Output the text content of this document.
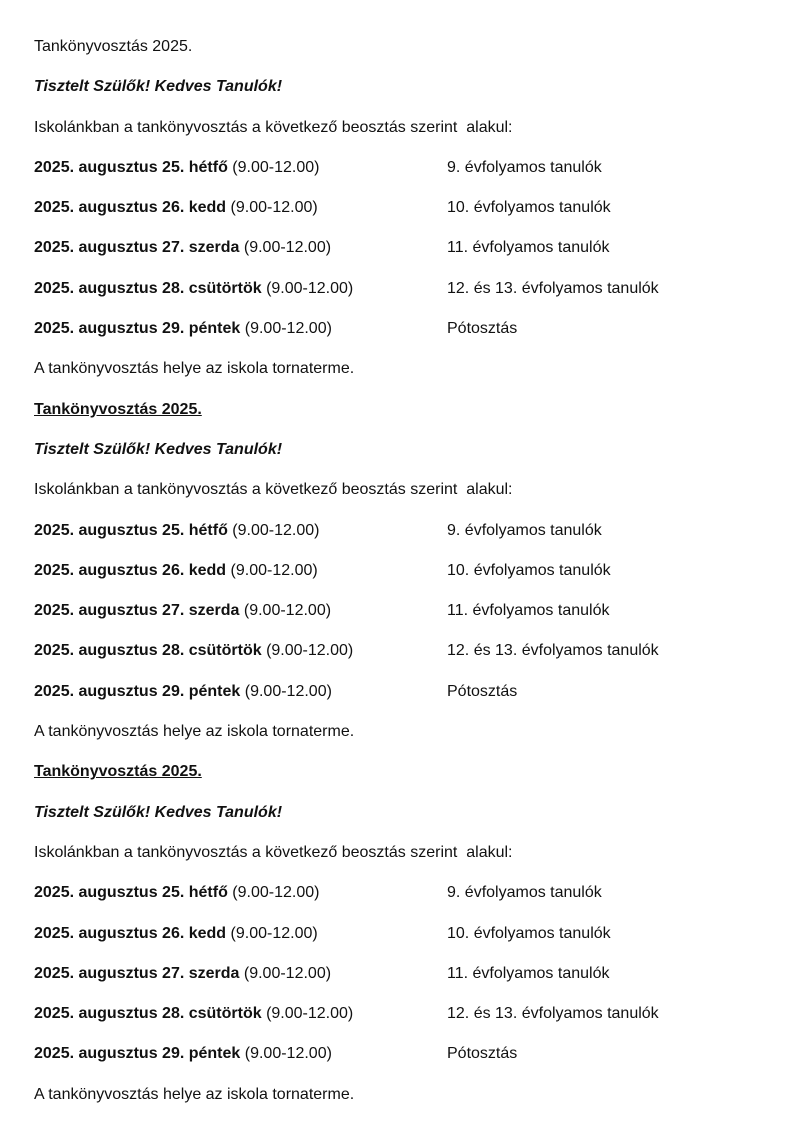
Tankönyvosztás 2025.
Tisztelt Szülők! Kedves Tanulók!
Iskolánkban a tankönyvosztás a következő beosztás szerint  alakul:
2025. augusztus 25. hétfő (9.00-12.00)	9. évfolyamos tanulók
2025. augusztus 26. kedd (9.00-12.00)	10. évfolyamos tanulók
2025. augusztus 27. szerda (9.00-12.00)	11. évfolyamos tanulók
2025. augusztus 28. csütörtök (9.00-12.00)	12. és 13. évfolyamos tanulók
2025. augusztus 29. péntek (9.00-12.00)	Pótosztás
A tankönyvosztás helye az iskola tornaterme.
Tankönyvosztás 2025.
Tisztelt Szülők! Kedves Tanulók!
Iskolánkban a tankönyvosztás a következő beosztás szerint  alakul:
2025. augusztus 25. hétfő (9.00-12.00)	9. évfolyamos tanulók
2025. augusztus 26. kedd (9.00-12.00)	10. évfolyamos tanulók
2025. augusztus 27. szerda (9.00-12.00)	11. évfolyamos tanulók
2025. augusztus 28. csütörtök (9.00-12.00)	12. és 13. évfolyamos tanulók
2025. augusztus 29. péntek (9.00-12.00)	Pótosztás
A tankönyvosztás helye az iskola tornaterme.
Tankönyvosztás 2025.
Tisztelt Szülők! Kedves Tanulók!
Iskolánkban a tankönyvosztás a következő beosztás szerint  alakul:
2025. augusztus 25. hétfő (9.00-12.00)	9. évfolyamos tanulók
2025. augusztus 26. kedd (9.00-12.00)	10. évfolyamos tanulók
2025. augusztus 27. szerda (9.00-12.00)	11. évfolyamos tanulók
2025. augusztus 28. csütörtök (9.00-12.00)	12. és 13. évfolyamos tanulók
2025. augusztus 29. péntek (9.00-12.00)	Pótosztás
A tankönyvosztás helye az iskola tornaterme.
